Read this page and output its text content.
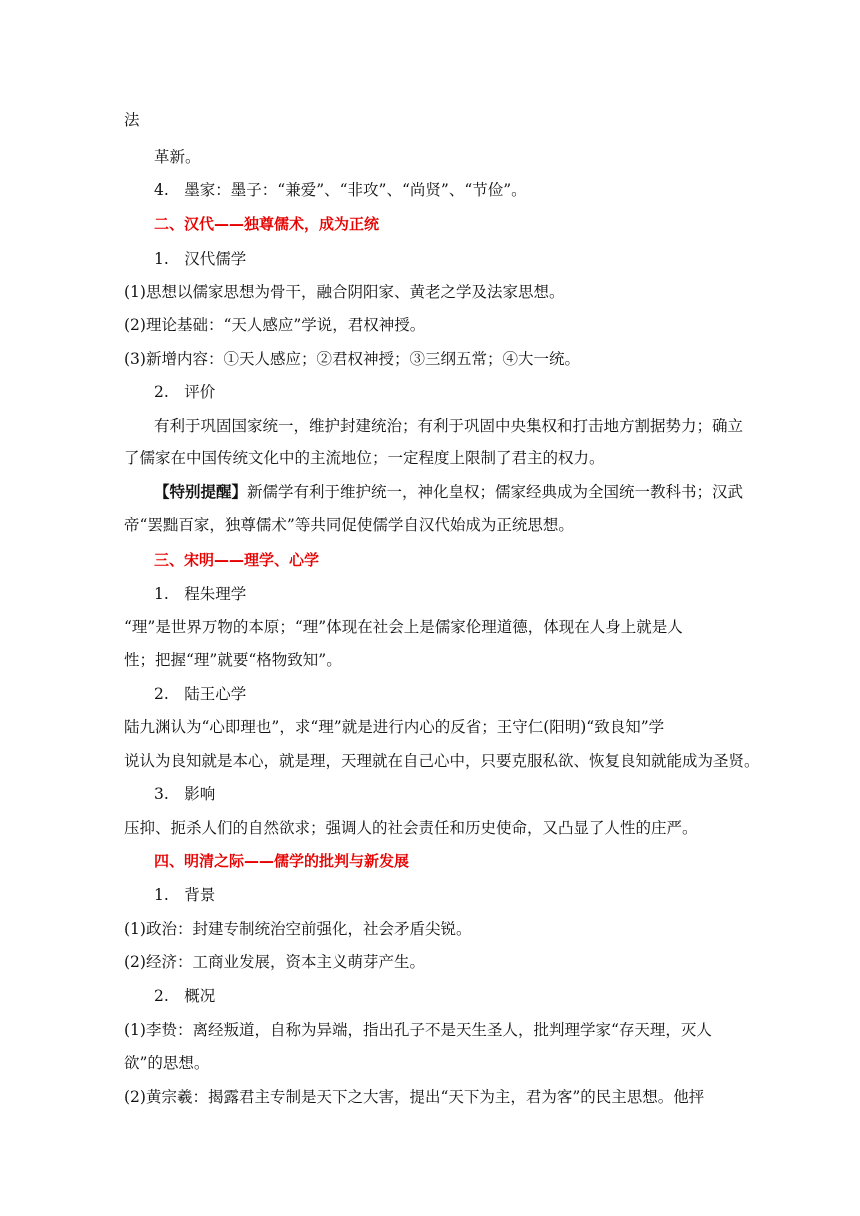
法
革新。
4.　墨家：墨子：“兼爱”、“非攻”、“尚贤”、“节俭”。
二、汉代——独尊儒术，成为正统
1.　汉代儒学
(1)思想以儒家思想为骨干，融合阴阳家、黄老之学及法家思想。
(2)理论基础：“天人感应”学说，君权神授。
(3)新增内容：①天人感应；②君权神授；③三纲五常；④大一统。
2.　评价
有利于巩固国家统一，维护封建统治；有利于巩固中央集权和打击地方割据势力；确立
了儒家在中国传统文化中的主流地位；一定程度上限制了君主的权力。
【特别提醒】新儒学有利于维护统一，神化皇权；儒家经典成为全国统一教科书；汉武
帝“罢黜百家，独尊儒术”等共同促使儒学自汉代始成为正统思想。
三、宋明——理学、心学
1.　程朱理学
“理”是世界万物的本原；“理”体现在社会上是儒家伦理道德，体现在人身上就是人
性；把握“理”就要“格物致知”。
2.　陆王心学
陆九渊认为“心即理也”，求“理”就是进行内心的反省；王守仁(阳明)“致良知”学
说认为良知就是本心，就是理，天理就在自己心中，只要克服私欲、恢复良知就能成为圣贤。
3.　影响
压抑、扼杀人们的自然欲求；强调人的社会责任和历史使命，又凸显了人性的庄严。
四、明清之际——儒学的批判与新发展
1.　背景
(1)政治：封建专制统治空前强化，社会矛盾尖锐。
(2)经济：工商业发展，资本主义萌芽产生。
2.　概况
(1)李贽：离经叛道，自称为异端，指出孔子不是天生圣人，批判理学家“存天理，灭人
欲”的思想。
(2)黄宗羲：揭露君主专制是天下之大害，提出“天下为主，君为客”的民主思想。他抨
